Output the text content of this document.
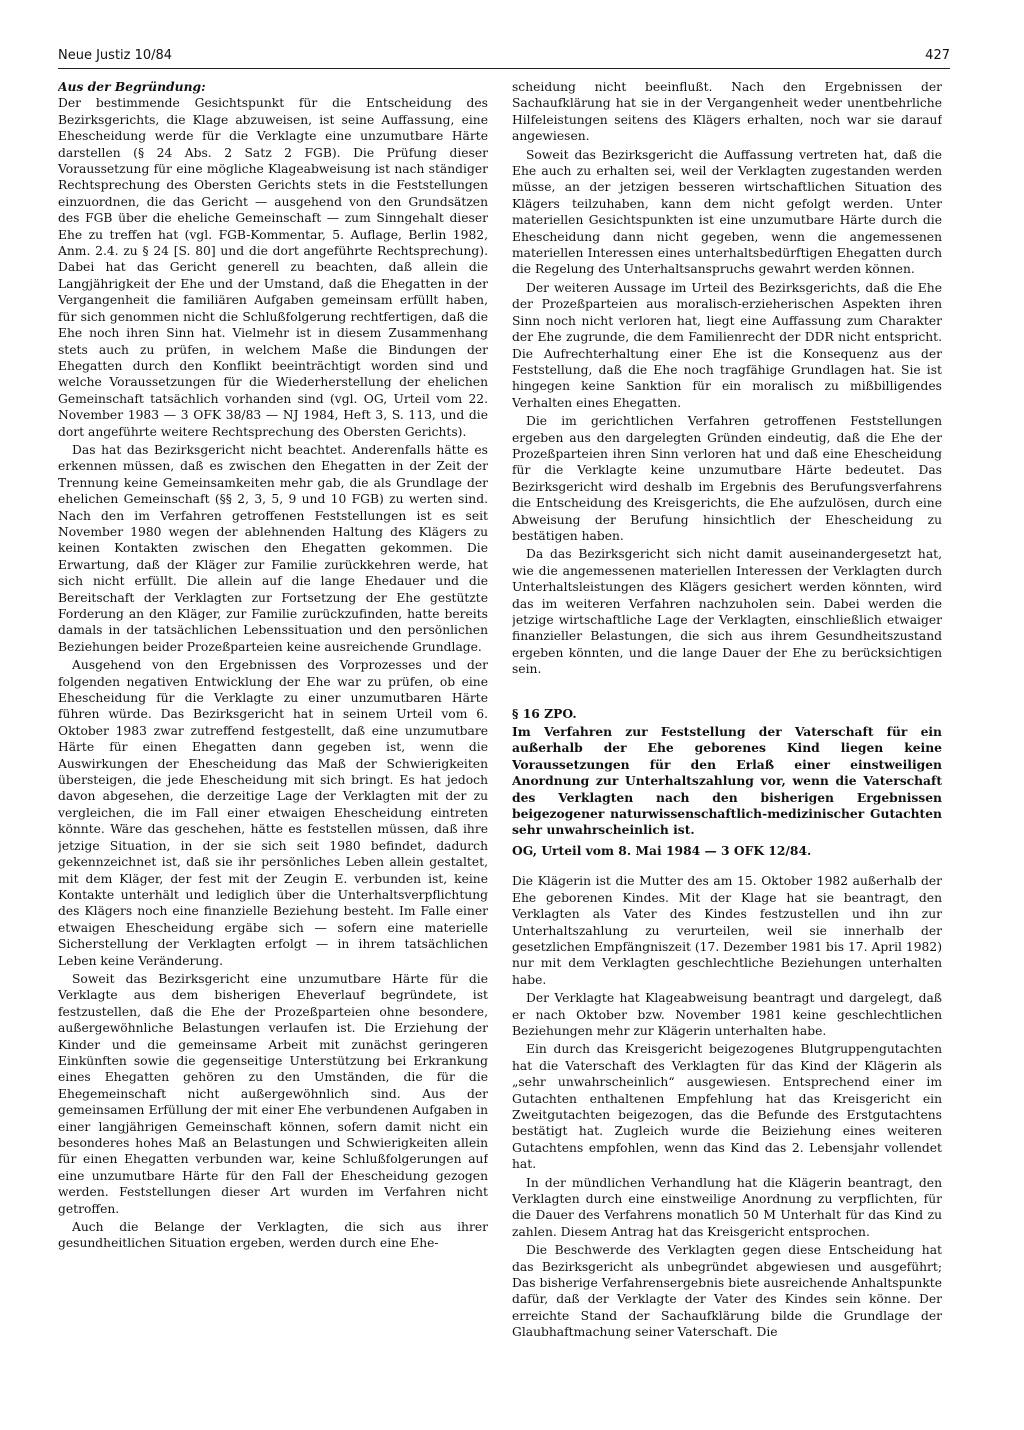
Neue Justiz 10/84	427

Aus der Begründung:

Der bestimmende Gesichtspunkt für die Entscheidung des Bezirksgerichts, die Klage abzuweisen, ist seine Auffassung, eine Ehescheidung werde für die Verklagte eine unzumutbare Härte darstellen (§ 24 Abs. 2 Satz 2 FGB). Die Prüfung dieser Voraussetzung für eine mögliche Klageabweisung ist nach ständiger Rechtsprechung des Obersten Gerichts stets in die Feststellungen einzuordnen, die das Gericht — ausgehend von den Grundsätzen des FGB über die eheliche Gemeinschaft — zum Sinngehalt dieser Ehe zu treffen hat (vgl. FGB-Kommentar, 5. Auflage, Berlin 1982, Anm. 2.4. zu § 24 [S. 80] und die dort angeführte Rechtsprechung). Dabei hat das Gericht generell zu beachten, daß allein die Langjährigkeit der Ehe und der Umstand, daß die Ehegatten in der Vergangenheit die familiären Aufgaben gemeinsam erfüllt haben, für sich genommen nicht die Schlußfolgerung rechtfertigen, daß die Ehe noch ihren Sinn hat. Vielmehr ist in diesem Zusammenhang stets auch zu prüfen, in welchem Maße die Bindungen der Ehegatten durch den Konflikt beeinträchtigt worden sind und welche Voraussetzungen für die Wiederherstellung der ehelichen Gemeinschaft tatsächlich vorhanden sind (vgl. OG, Urteil vom 22. November 1983 — 3 OFK 38/83 — NJ 1984, Heft 3, S. 113, und die dort angeführte weitere Rechtsprechung des Obersten Gerichts).

Das hat das Bezirksgericht nicht beachtet. Anderenfalls hätte es erkennen müssen, daß es zwischen den Ehegatten in der Zeit der Trennung keine Gemeinsamkeiten mehr gab, die als Grundlage der ehelichen Gemeinschaft (§§ 2, 3, 5, 9 und 10 FGB) zu werten sind. Nach den im Verfahren getroffenen Feststellungen ist es seit November 1980 wegen der ablehnenden Haltung des Klägers zu keinen Kontakten zwischen den Ehegatten gekommen. Die Erwartung, daß der Kläger zur Familie zurückkehren werde, hat sich nicht erfüllt. Die allein auf die lange Ehedauer und die Bereitschaft der Verklagten zur Fortsetzung der Ehe gestützte Forderung an den Kläger, zur Familie zurückzufinden, hatte bereits damals in der tatsächlichen Lebenssituation und den persönlichen Beziehungen beider Prozeßparteien keine ausreichende Grundlage.

Ausgehend von den Ergebnissen des Vorprozesses und der folgenden negativen Entwicklung der Ehe war zu prüfen, ob eine Ehescheidung für die Verklagte zu einer unzumutbaren Härte führen würde. Das Bezirksgericht hat in seinem Urteil vom 6. Oktober 1983 zwar zutreffend festgestellt, daß eine unzumutbare Härte für einen Ehegatten dann gegeben ist, wenn die Auswirkungen der Ehescheidung das Maß der Schwierigkeiten übersteigen, die jede Ehescheidung mit sich bringt. Es hat jedoch davon abgesehen, die derzeitige Lage der Verklagten mit der zu vergleichen, die im Fall einer etwaigen Ehescheidung eintreten könnte. Wäre das geschehen, hätte es feststellen müssen, daß ihre jetzige Situation, in der sie sich seit 1980 befindet, dadurch gekennzeichnet ist, daß sie ihr persönliches Leben allein gestaltet, mit dem Kläger, der fest mit der Zeugin E. verbunden ist, keine Kontakte unterhält und lediglich über die Unterhaltsverpflichtung des Klägers noch eine finanzielle Beziehung besteht. Im Falle einer etwaigen Ehescheidung ergäbe sich — sofern eine materielle Sicherstellung der Verklagten erfolgt — in ihrem tatsächlichen Leben keine Veränderung.

Soweit das Bezirksgericht eine unzumutbare Härte für die Verklagte aus dem bisherigen Eheverlauf begründete, ist festzustellen, daß die Ehe der Prozeßparteien ohne besondere, außergewöhnliche Belastungen verlaufen ist. Die Erziehung der Kinder und die gemeinsame Arbeit mit zunächst geringeren Einkünften sowie die gegenseitige Unterstützung bei Erkrankung eines Ehegatten gehören zu den Umständen, die für die Ehegemeinschaft nicht außergewöhnlich sind. Aus der gemeinsamen Erfüllung der mit einer Ehe verbundenen Aufgaben in einer langjährigen Gemeinschaft können, sofern damit nicht ein besonderes hohes Maß an Belastungen und Schwierigkeiten allein für einen Ehegatten verbunden war, keine Schlußfolgerungen auf eine unzumutbare Härte für den Fall der Ehescheidung gezogen werden. Feststellungen dieser Art wurden im Verfahren nicht getroffen.

Auch die Belange der Verklagten, die sich aus ihrer gesundheitlichen Situation ergeben, werden durch eine Ehe-

scheidung nicht beeinflußt. Nach den Ergebnissen der Sachaufklärung hat sie in der Vergangenheit weder unentbehrliche Hilfeleistungen seitens des Klägers erhalten, noch war sie darauf angewiesen.

Soweit das Bezirksgericht die Auffassung vertreten hat, daß die Ehe auch zu erhalten sei, weil der Verklagten zugestanden werden müsse, an der jetzigen besseren wirtschaftlichen Situation des Klägers teilzuhaben, kann dem nicht gefolgt werden. Unter materiellen Gesichtspunkten ist eine unzumutbare Härte durch die Ehescheidung dann nicht gegeben, wenn die angemessenen materiellen Interessen eines unterhaltsbedürftigen Ehegatten durch die Regelung des Unterhaltsanspruchs gewahrt werden können.

Der weiteren Aussage im Urteil des Bezirksgerichts, daß die Ehe der Prozeßparteien aus moralisch-erzieherischen Aspekten ihren Sinn noch nicht verloren hat, liegt eine Auffassung zum Charakter der Ehe zugrunde, die dem Familienrecht der DDR nicht entspricht. Die Aufrechterhaltung einer Ehe ist die Konsequenz aus der Feststellung, daß die Ehe noch tragfähige Grundlagen hat. Sie ist hingegen keine Sanktion für ein moralisch zu mißbilligendes Verhalten eines Ehegatten.

Die im gerichtlichen Verfahren getroffenen Feststellungen ergeben aus den dargelegten Gründen eindeutig, daß die Ehe der Prozeßparteien ihren Sinn verloren hat und daß eine Ehescheidung für die Verklagte keine unzumutbare Härte bedeutet. Das Bezirksgericht wird deshalb im Ergebnis des Berufungsverfahrens die Entscheidung des Kreisgerichts, die Ehe aufzulösen, durch eine Abweisung der Berufung hinsichtlich der Ehescheidung zu bestätigen haben.

Da das Bezirksgericht sich nicht damit auseinandergesetzt hat, wie die angemessenen materiellen Interessen der Verklagten durch Unterhaltsleistungen des Klägers gesichert werden könnten, wird das im weiteren Verfahren nachzuholen sein. Dabei werden die jetzige wirtschaftliche Lage der Verklagten, einschließlich etwaiger finanzieller Belastungen, die sich aus ihrem Gesundheitszustand ergeben könnten, und die lange Dauer der Ehe zu berücksichtigen sein.

§ 16 ZPO.

Im Verfahren zur Feststellung der Vaterschaft für ein außerhalb der Ehe geborenes Kind liegen keine Voraussetzungen für den Erlaß einer einstweiligen Anordnung zur Unterhaltszahlung vor, wenn die Vaterschaft des Verklagten nach den bisherigen Ergebnissen beigezogener naturwissenschaftlich-medizinischer Gutachten sehr unwahrscheinlich ist.

OG, Urteil vom 8. Mai 1984 — 3 OFK 12/84.

Die Klägerin ist die Mutter des am 15. Oktober 1982 außerhalb der Ehe geborenen Kindes. Mit der Klage hat sie beantragt, den Verklagten als Vater des Kindes festzustellen und ihn zur Unterhaltszahlung zu verurteilen, weil sie innerhalb der gesetzlichen Empfängniszeit (17. Dezember 1981 bis 17. April 1982) nur mit dem Verklagten geschlechtliche Beziehungen unterhalten habe.

Der Verklagte hat Klageabweisung beantragt und dargelegt, daß er nach Oktober bzw. November 1981 keine geschlechtlichen Beziehungen mehr zur Klägerin unterhalten habe.

Ein durch das Kreisgericht beigezogenes Blutgruppengutachten hat die Vaterschaft des Verklagten für das Kind der Klägerin als „sehr unwahrscheinlich“ ausgewiesen. Entsprechend einer im Gutachten enthaltenen Empfehlung hat das Kreisgericht ein Zweitgutachten beigezogen, das die Befunde des Erstgutachtens bestätigt hat. Zugleich wurde die Beiziehung eines weiteren Gutachtens empfohlen, wenn das Kind das 2. Lebensjahr vollendet hat.

In der mündlichen Verhandlung hat die Klägerin beantragt, den Verklagten durch eine einstweilige Anordnung zu verpflichten, für die Dauer des Verfahrens monatlich 50 M Unterhalt für das Kind zu zahlen. Diesem Antrag hat das Kreisgericht entsprochen.

Die Beschwerde des Verklagten gegen diese Entscheidung hat das Bezirksgericht als unbegründet abgewiesen und ausgeführt; Das bisherige Verfahrensergebnis biete ausreichende Anhaltspunkte dafür, daß der Verklagte der Vater des Kindes sein könne. Der erreichte Stand der Sachaufklärung bilde die Grundlage der Glaubhaftmachung seiner Vaterschaft. Die
